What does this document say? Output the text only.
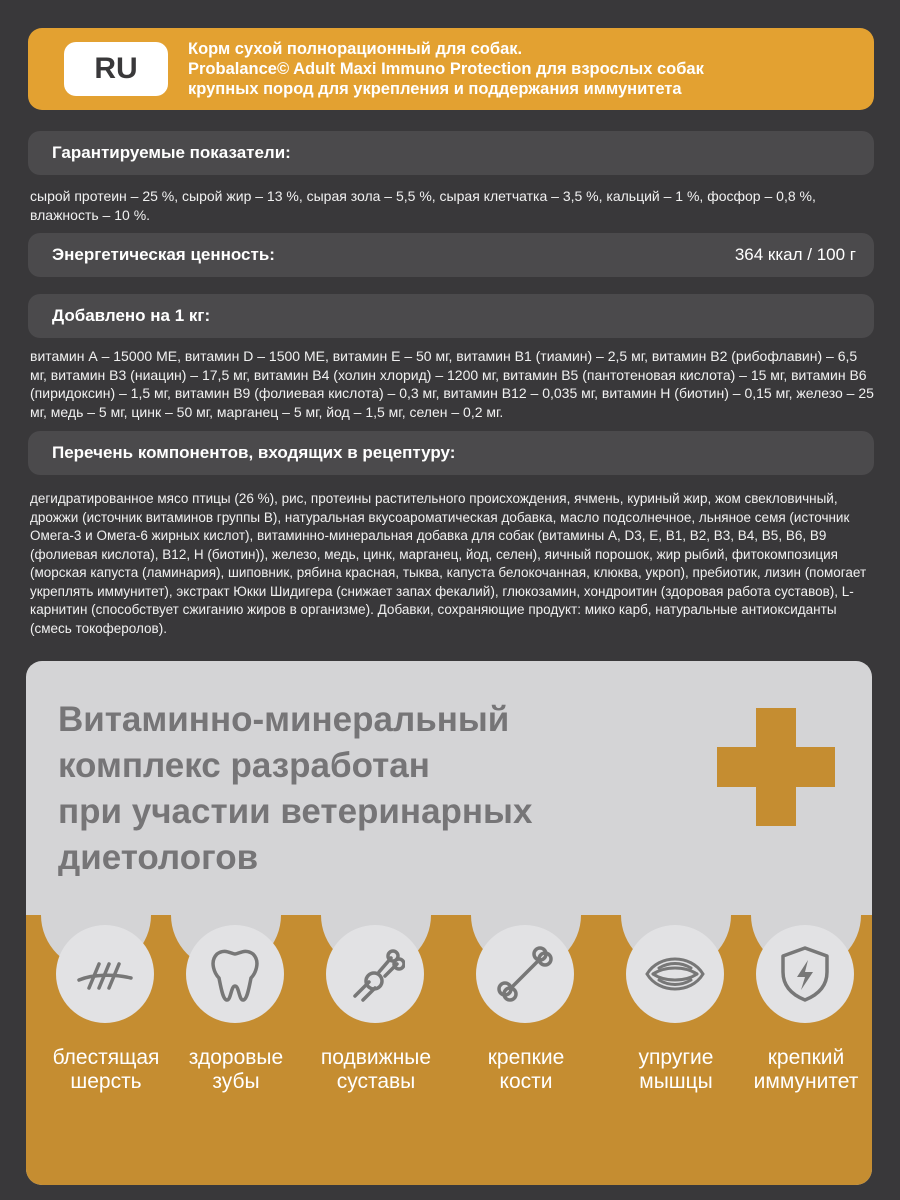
RU
Корм сухой полнорационный для собак.
Probalance© Adult Maxi Immuno Protection для взрослых собак
крупных пород для укрепления и поддержания иммунитета
Гарантируемые показатели:
сырой протеин – 25 %, сырой жир – 13 %, сырая зола – 5,5 %, сырая клетчатка – 3,5 %, кальций – 1 %, фосфор – 0,8 %, влажность – 10 %.
Энергетическая ценность:	364 ккал / 100 г
Добавлено на 1 кг:
витамин А – 15000 МЕ, витамин D – 1500 МЕ, витамин Е – 50 мг, витамин В1 (тиамин) – 2,5 мг, витамин В2 (рибофлавин) – 6,5 мг, витамин В3 (ниацин) – 17,5 мг, витамин В4 (холин хлорид) – 1200 мг, витамин В5 (пантотеновая кислота) – 15 мг, витамин В6 (пиридоксин) – 1,5 мг, витамин В9 (фолиевая кислота) – 0,3 мг, витамин В12 – 0,035 мг, витамин Н (биотин) – 0,15 мг, железо – 25 мг, медь – 5 мг, цинк – 50 мг, марганец – 5 мг, йод – 1,5 мг, селен – 0,2 мг.
Перечень компонентов, входящих в рецептуру:
дегидратированное мясо птицы (26 %), рис, протеины растительного происхождения, ячмень, куриный жир, жом свекловичный, дрожжи (источник витаминов группы В), натуральная вкусоароматическая добавка, масло подсолнечное, льняное семя (источник Омега-3 и Омега-6 жирных кислот), витаминно-минеральная добавка для собак (витамины А, D3, Е, В1, В2, В3, В4, В5, В6, В9 (фолиевая кислота), В12, Н (биотин)), железо, медь, цинк, марганец, йод, селен), яичный порошок, жир рыбий, фитокомпозиция (морская капуста (ламинария), шиповник, рябина красная, тыква, капуста белокочанная, клюква, укроп), пребиотик, лизин (помогает укреплять иммунитет), экстракт Юкки Шидигера (снижает запах фекалий), глюкозамин, хондроитин (здоровая работа суставов), L-карнитин (способствует сжиганию жиров в организме). Добавки, сохраняющие продукт: мико карб, натуральные антиоксиданты (смесь токоферолов).
Витаминно-минеральный
комплекс разработан
при участии ветеринарных
диетологов
блестящая
шерсть
здоровые
зубы
подвижные
суставы
крепкие
кости
упругие
мышцы
крепкий
иммунитет
